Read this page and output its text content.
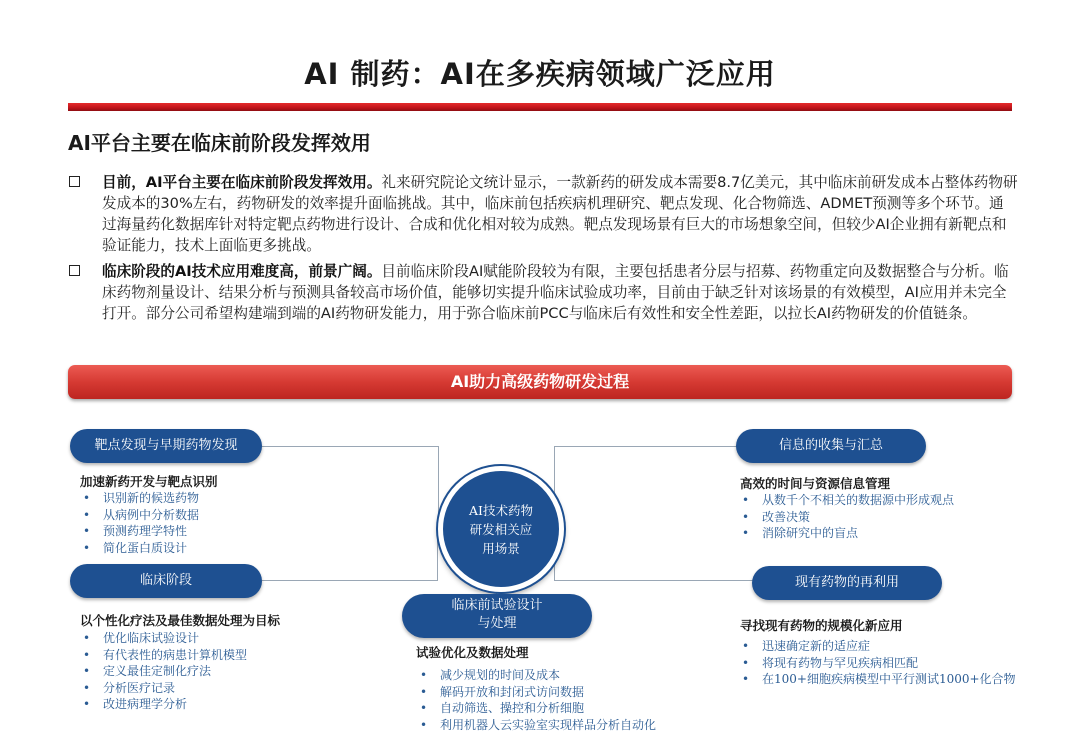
AI 制药：AI在多疾病领域广泛应用
AI平台主要在临床前阶段发挥效用
目前，AI平台主要在临床前阶段发挥效用。礼来研究院论文统计显示，一款新药的研发成本需要8.7亿美元，其中临床前研发成本占整体药物研发成本的30%左右，药物研发的效率提升面临挑战。其中，临床前包括疾病机理研究、靶点发现、化合物筛选、ADMET预测等多个环节。通过海量药化数据库针对特定靶点药物进行设计、合成和优化相对较为成熟。靶点发现场景有巨大的市场想象空间，但较少AI企业拥有新靶点和验证能力，技术上面临更多挑战。
临床阶段的AI技术应用难度高，前景广阔。目前临床阶段AI赋能阶段较为有限，主要包括患者分层与招募、药物重定向及数据整合与分析。临床药物剂量设计、结果分析与预测具备较高市场价值，能够切实提升临床试验成功率，目前由于缺乏针对该场景的有效模型，AI应用并未完全打开。部分公司希望构建端到端的AI药物研发能力，用于弥合临床前PCC与临床后有效性和安全性差距，以拉长AI药物研发的价值链条。
AI助力高级药物研发过程
AI技术药物研发相关应用场景
靶点发现与早期药物发现
加速新药开发与靶点识别
• 识别新的候选药物
• 从病例中分析数据
• 预测药理学特性
• 简化蛋白质设计
临床阶段
以个性化疗法及最佳数据处理为目标
• 优化临床试验设计
• 有代表性的病患计算机模型
• 定义最佳定制化疗法
• 分析医疗记录
• 改进病理学分析
临床前试验设计
与处理
试验优化及数据处理
• 减少规划的时间及成本
• 解码开放和封闭式访问数据
• 自动筛选、操控和分析细胞
• 利用机器人云实验室实现样品分析自动化
信息的收集与汇总
高效的时间与资源信息管理
• 从数千个不相关的数据源中形成观点
• 改善决策
• 消除研究中的盲点
现有药物的再利用
寻找现有药物的规模化新应用
• 迅速确定新的适应症
• 将现有药物与罕见疾病相匹配
• 在100+细胞疾病模型中平行测试1000+化合物
